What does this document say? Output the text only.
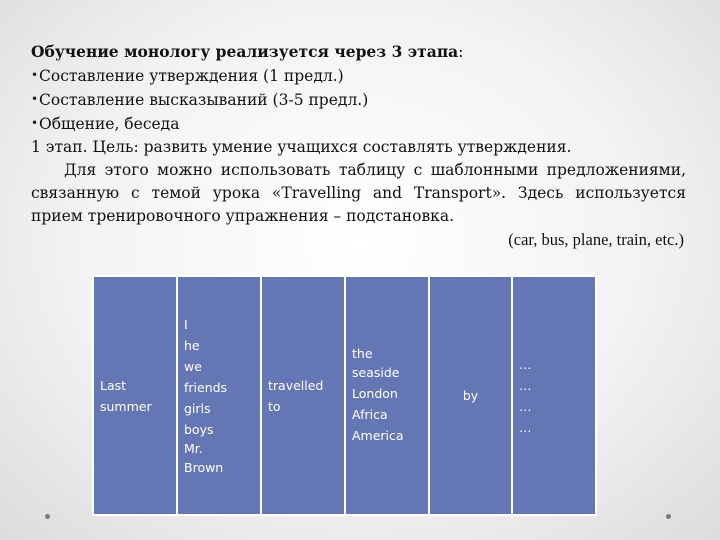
Обучение монологу реализуется через 3 этапа:
•Составление утверждения (1 предл.)
•Составление высказываний (3-5 предл.)
•Общение, беседа
1 этап. Цель: развить умение учащихся составлять утверждения.
Для этого можно использовать таблицу с шаблонными предложениями, связанную с темой урока «Travelling and Transport». Здесь используется прием тренировочного упражнения – подстановка.
(car, bus, plane, train, etc.)
Last
summer

I
he
we
friends
girls
boys
Mr.
Brown

travelled
to

the
seaside
London
Africa
America

by

…
…
…
…
